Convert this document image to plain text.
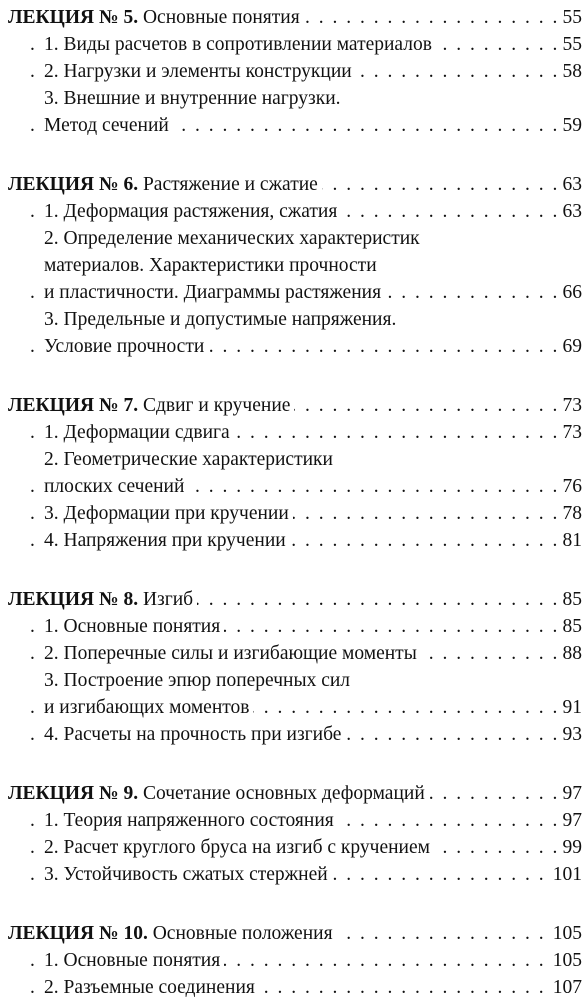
. . .
ЛЕКЦИЯ № 5. Основные понятия	55
. . .
1. Виды расчетов в сопротивлении материалов	55
. . .
2. Нагрузки и элементы конструкции	58
3. Внешние и внутренние нагрузки.
. . .
Метод сечений	59
. . .
ЛЕКЦИЯ № 6. Растяжение и сжатие	63
. . .
1. Деформация растяжения, сжатия	63
2. Определение механических характеристик
материалов. Характеристики прочности
. . .
и пластичности. Диаграммы растяжения	66
3. Предельные и допустимые напряжения.
. . .
Условие прочности	69
. . .
ЛЕКЦИЯ № 7. Сдвиг и кручение	73
. . .
1. Деформации сдвига	73
2. Геометрические характеристики
. . .
плоских сечений	76
. . .
3. Деформации при кручении	78
. . .
4. Напряжения при кручении	81
. . .
ЛЕКЦИЯ № 8. Изгиб	85
. . .
1. Основные понятия	85
. . .
2. Поперечные силы и изгибающие моменты	88
3. Построение эпюр поперечных сил
. . .
и изгибающих моментов	91
. . .
4. Расчеты на прочность при изгибе	93
. . .
ЛЕКЦИЯ № 9. Сочетание основных деформаций	97
. . .
1. Теория напряженного состояния	97
. . .
2. Расчет круглого бруса на изгиб с кручением	99
. . .
3. Устойчивость сжатых стержней	101
. . .
ЛЕКЦИЯ № 10. Основные положения	105
. . .
1. Основные понятия	105
. . .
2. Разъемные соединения	107
